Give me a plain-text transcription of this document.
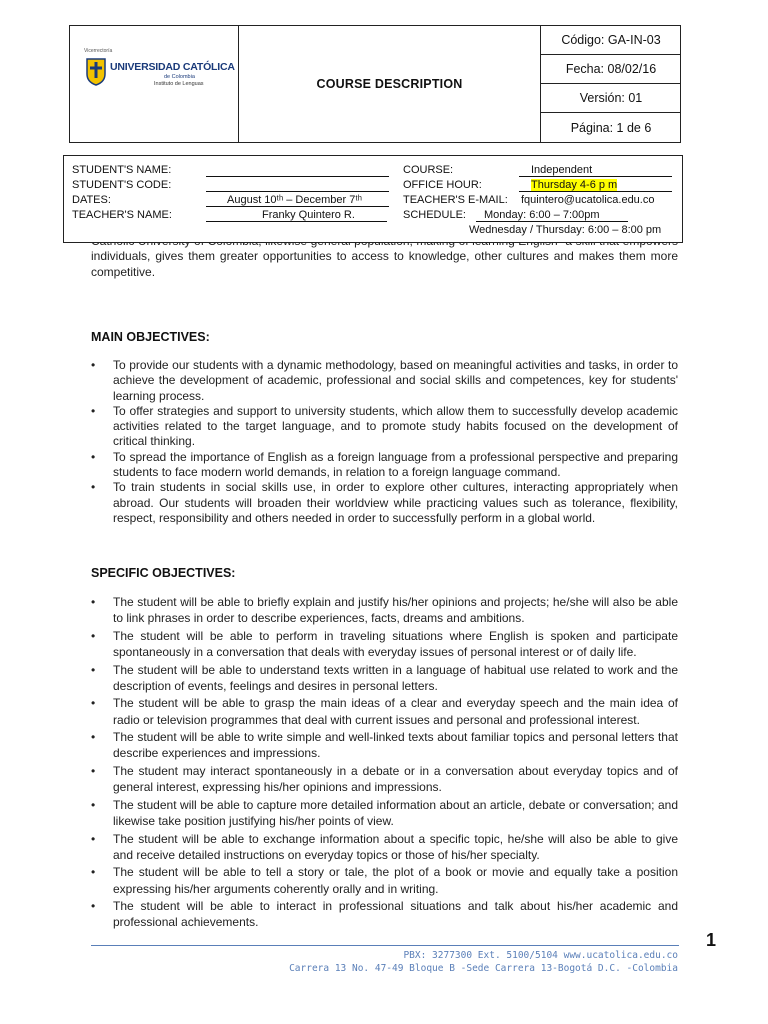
Vicerrectoría
UNIVERSIDAD CATÓLICA
de Colombia
Instituto de Lenguas	COURSE DESCRIPTION
Código: GA-IN-03
Fecha: 08/02/16
Versión: 01
Página: 1 de 6
STUDENT'S NAME:
STUDENT'S CODE:
DATES:	August 10ᵗʰ – December 7ᵗʰ
TEACHER'S NAME:	Franky Quintero R.
COURSE:	Independent
OFFICE HOUR:	Thursday 4-6 p m
TEACHER'S E-MAIL: fquintero@ucatolica.edu.co
SCHEDULE: Monday: 6:00 – 7:00pm
Wednesday / Thursday: 6:00 – 8:00 pm
individuals, gives them greater opportunities to access to knowledge, other cultures and makes them more competitive.
MAIN OBJECTIVES:
• To provide our students with a dynamic methodology, based on meaningful activities and tasks, in order to achieve the development of academic, professional and social skills and competences, key for students' learning process.
• To offer strategies and support to university students, which allow them to successfully develop academic activities related to the target language, and to promote study habits focused on the development of critical thinking.
• To spread the importance of English as a foreign language from a professional perspective and preparing students to face modern world demands, in relation to a foreign language command.
• To train students in social skills use, in order to explore other cultures, interacting appropriately when abroad. Our students will broaden their worldview while practicing values such as tolerance, flexibility, respect, responsibility and others needed in order to successfully perform in a global world.
SPECIFIC OBJECTIVES:
• The student will be able to briefly explain and justify his/her opinions and projects; he/she will also be able to link phrases in order to describe experiences, facts, dreams and ambitions.
• The student will be able to perform in traveling situations where English is spoken and participate spontaneously in a conversation that deals with everyday issues of personal interest or of daily life.
• The student will be able to understand texts written in a language of habitual use related to work and the description of events, feelings and desires in personal letters.
• The student will be able to grasp the main ideas of a clear and everyday speech and the main idea of radio or television programmes that deal with current issues and personal and professional interest.
• The student will be able to write simple and well-linked texts about familiar topics and personal letters that describe experiences and impressions.
• The student may interact spontaneously in a debate or in a conversation about everyday topics and of general interest, expressing his/her opinions and impressions.
• The student will be able to capture more detailed information about an article, debate or conversation; and likewise take position justifying his/her points of view.
• The student will be able to exchange information about a specific topic, he/she will also be able to give and receive detailed instructions on everyday topics or those of his/her specialty.
• The student will be able to tell a story or tale, the plot of a book or movie and equally take a position expressing his/her arguments coherently orally and in writing.
• The student will be able to interact in professional situations and talk about his/her academic and professional achievements.
PBX: 3277300 Ext. 5100/5104 www.ucatolica.edu.co
Carrera 13 No. 47-49 Bloque B -Sede Carrera 13-Bogotá D.C. -Colombia
1
